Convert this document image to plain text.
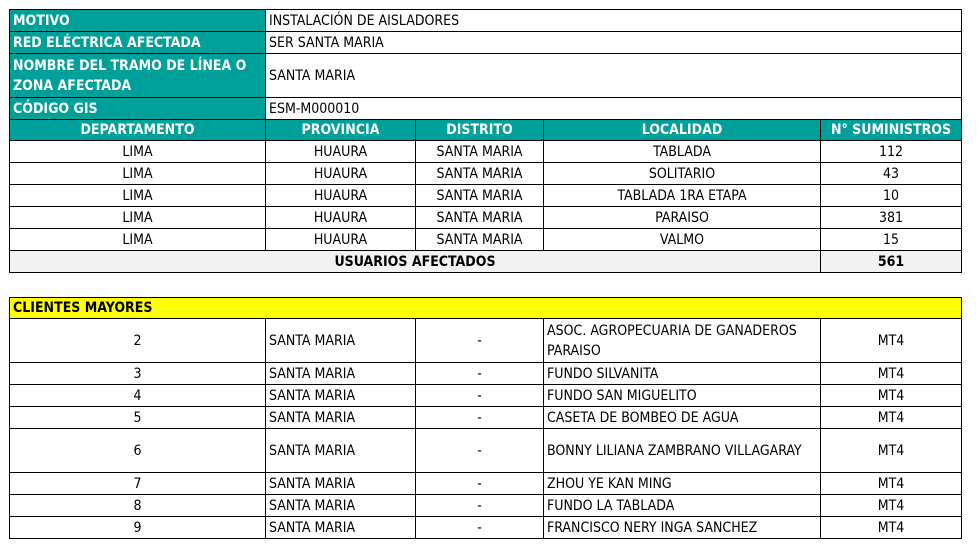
MOTIVO	INSTALACIÓN DE AISLADORES			
RED ELÉCTRICA AFECTADA	SER SANTA MARIA			
NOMBRE DEL TRAMO DE LÍNEA O ZONA AFECTADA	SANTA MARIA			
CÓDIGO GIS	ESM-M000010			
DEPARTAMENTO	PROVINCIA	DISTRITO	LOCALIDAD	N° SUMINISTROS
LIMA	HUAURA	SANTA MARIA	TABLADA	112
LIMA	HUAURA	SANTA MARIA	SOLITARIO	43
LIMA	HUAURA	SANTA MARIA	TABLADA 1RA ETAPA	10
LIMA	HUAURA	SANTA MARIA	PARAISO	381
LIMA	HUAURA	SANTA MARIA	VALMO	15
USUARIOS AFECTADOS				561
CLIENTES MAYORES				
2	SANTA MARIA	-	ASOC. AGROPECUARIA DE GANADEROS PARAISO	MT4
3	SANTA MARIA	-	FUNDO SILVANITA	MT4
4	SANTA MARIA	-	FUNDO SAN MIGUELITO	MT4
5	SANTA MARIA	-	CASETA DE BOMBEO DE AGUA	MT4
6	SANTA MARIA	-	BONNY LILIANA ZAMBRANO VILLAGARAY	MT4
7	SANTA MARIA	-	ZHOU YE KAN MING	MT4
8	SANTA MARIA	-	FUNDO LA TABLADA	MT4
9	SANTA MARIA	-	FRANCISCO NERY INGA SANCHEZ	MT4
